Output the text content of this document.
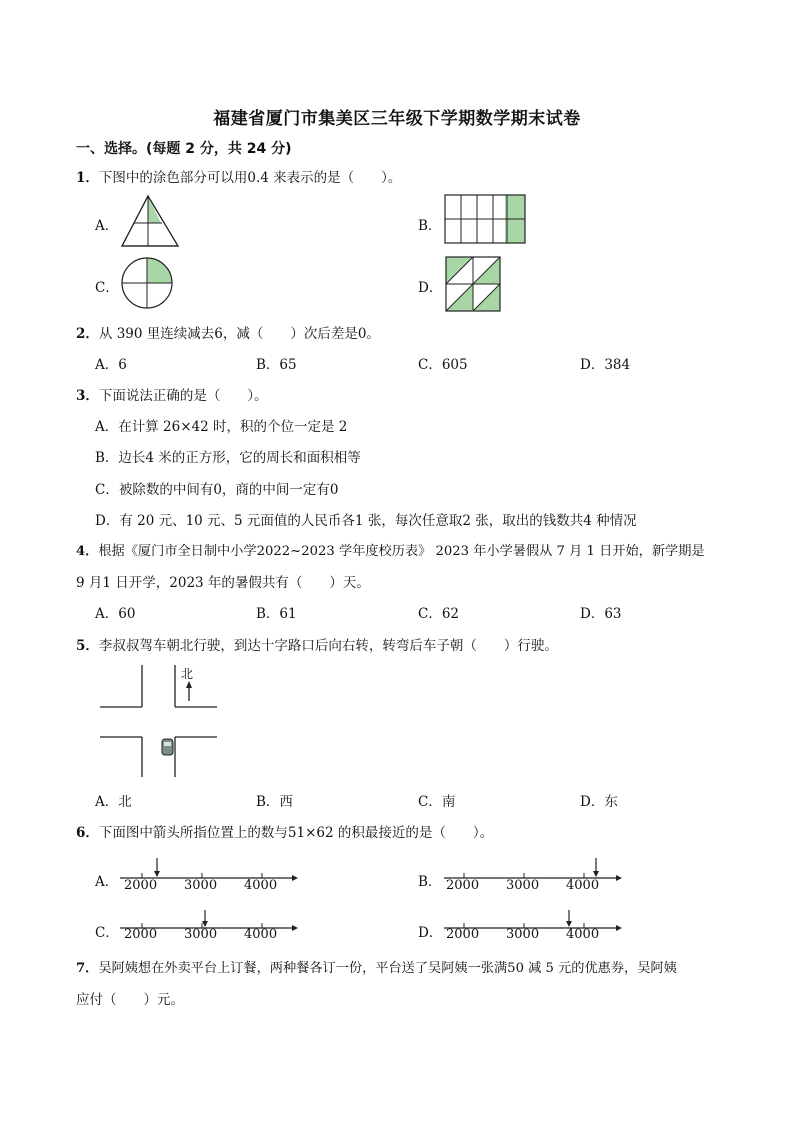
福建省厦门市集美区三年级下学期数学期末试卷
一、选择。(每题 2 分，共 24 分)
1．下图中的涂色部分可以用0.4 来表示的是（　　）。
A．	B．
C．	D．
2．从 390 里连续减去6，减（　　）次后差是0。
A．6	B．65	C．605	D．384
3．下面说法正确的是（　　）。
A．在计算 26×42 时，积的个位一定是 2
B．边长4 米的正方形，它的周长和面积相等
C．被除数的中间有0，商的中间一定有0
D．有 20 元、10 元、5 元面值的人民币各1 张，每次任意取2 张，取出的钱数共4 种情况
4．根据《厦门市全日制中小学2022~2023 学年度校历表》 2023 年小学暑假从 7 月 1 日开始，新学期是
9 月1 日开学，2023 年的暑假共有（　　）天。
A．60	B．61	C．62	D．63
5．李叔叔驾车朝北行驶，到达十字路口后向右转，转弯后车子朝（　　）行驶。
北
A．北	B．西	C．南	D．东
6．下面图中箭头所指位置上的数与51×62 的积最接近的是（　　）。
A． 2000 3000 4000	B． 2000 3000 4000
C． 2000 3000 4000	D． 2000 3000 4000
7．吴阿姨想在外卖平台上订餐，两种餐各订一份，平台送了吴阿姨一张满50 减 5 元的优惠券，吴阿姨
应付（　　）元。
